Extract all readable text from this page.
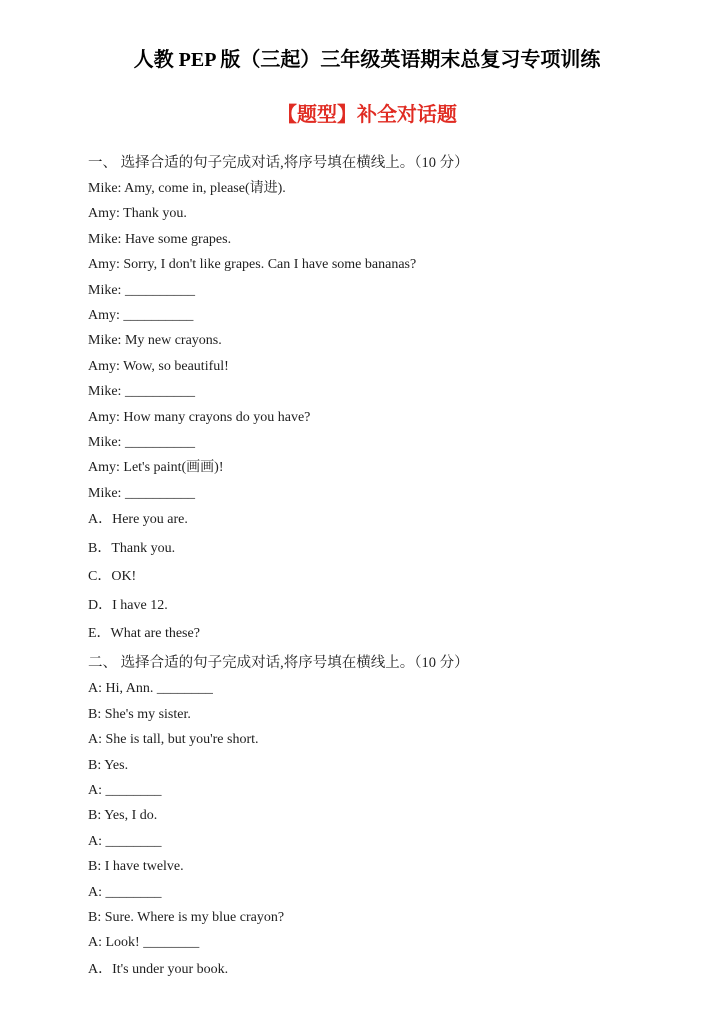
人教 PEP 版（三起）三年级英语期末总复习专项训练
【题型】补全对话题

一、 选择合适的句子完成对话,将序号填在横线上。（10 分）

Mike: Amy, come in, please(请进).

Amy: Thank you.

Mike: Have some grapes.

Amy: Sorry, I don't like grapes. Can I have some bananas?

Mike: __________

Amy: __________

Mike: My new crayons.

Amy: Wow, so beautiful!

Mike: __________

Amy: How many crayons do you have?

Mike: __________

Amy: Let's paint(画画)!

Mike: __________

A．Here you are.

B．Thank you.

C．OK!

D．I have 12.

E．What are these?

二、 选择合适的句子完成对话,将序号填在横线上。（10 分）

A: Hi, Ann. ________

B: She's my sister.

A: She is tall, but you're short.

B: Yes.

A: ________

B: Yes, I do.

A: ________

B: I have twelve.

A: ________

B: Sure. Where is my blue crayon?

A: Look! ________

A．It's under your book.
